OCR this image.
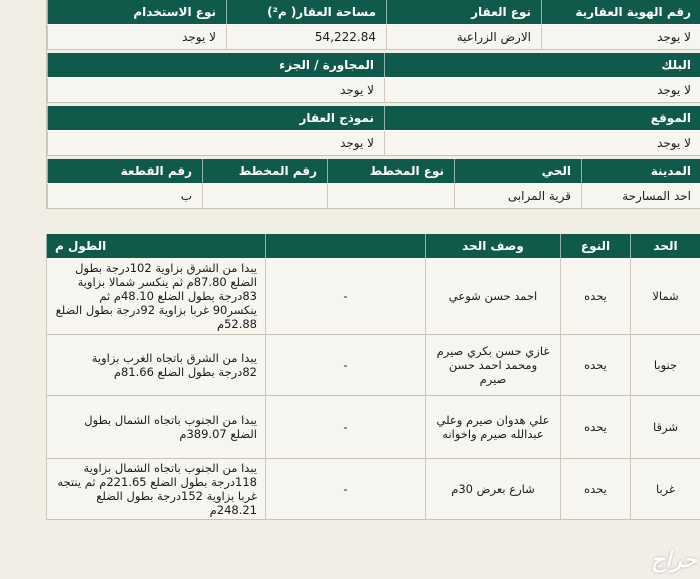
رقم الهوية العقارية
نوع العقار
مساحة العقار( م²)
نوع الاستخدام
لا يوجد
الارض الزراعية
54,222.84
لا يوجد
البلك
المجاورة / الجزء
لا يوجد
لا يوجد
الموقع
نموذج العقار
لا يوجد
لا يوجد
المدينة
الحي
نوع المخطط
رقم المخطط
رقم القطعة
احد المسارحة
قرية المرابى
ب
الحد
النوع
وصف الحد
الطول م
شمالا
يحده
احمد حسن شوعي
-
يبدا من الشرق بزاوية 102درجة بطول الضلع 87.80م ثم ينكسر شمالا بزاوية 83درجة بطول الضلع 48.10م ثم ينكسر90 غربا بزاوية 92درجة بطول الضلع 52.88م
جنوبا
يحده
غازي حسن بكري صيرم ومحمد احمد حسن صيرم
-
يبدا من الشرق باتجاه الغرب بزاوية 82درجة بطول الضلع 81.66م
شرقا
يحده
علي هدوان صيرم وعلي عبدالله صيرم واخوانه
-
يبدا من الجنوب باتجاه الشمال بطول الضلع 389.07م
غربا
يحده
شارع بعرض 30م
-
يبدا من الجنوب باتجاه الشمال بزاوية 118درجة بطول الضلع 221.65م ثم ينتجه غربا بزاوية 152درجة بطول الضلع 248.21م
حراج
